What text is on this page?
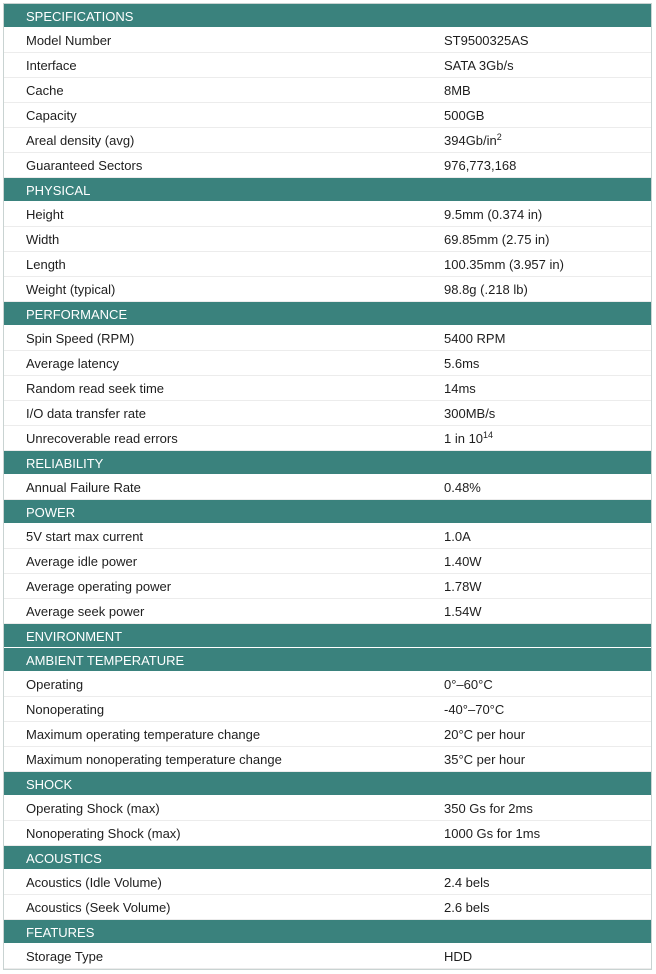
SPECIFICATIONS
Model Number	ST9500325AS
Interface	SATA 3Gb/s
Cache	8MB
Capacity	500GB
Areal density (avg)	$394Gb/in^2$
Guaranteed Sectors	976,773,168
PHYSICAL
Height	9.5mm (0.374 in)
Width	69.85mm (2.75 in)
Length	100.35mm (3.957 in)
Weight (typical)	98.8g (.218 lb)
PERFORMANCE
Spin Speed (RPM)	5400 RPM
Average latency	5.6ms
Random read seek time	14ms
I/O data transfer rate	300MB/s
Unrecoverable read errors	1 in $10^{14}$
RELIABILITY
Annual Failure Rate	0.48%
POWER
5V start max current	1.0A
Average idle power	1.40W
Average operating power	1.78W
Average seek power	1.54W
ENVIRONMENT
AMBIENT TEMPERATURE
Operating	0°–60°C
Nonoperating	-40°–70°C
Maximum operating temperature change	20°C per hour
Maximum nonoperating temperature change	35°C per hour
SHOCK
Operating Shock (max)	350 Gs for 2ms
Nonoperating Shock (max)	1000 Gs for 1ms
ACOUSTICS
Acoustics (Idle Volume)	2.4 bels
Acoustics (Seek Volume)	2.6 bels
FEATURES
Storage Type	HDD
